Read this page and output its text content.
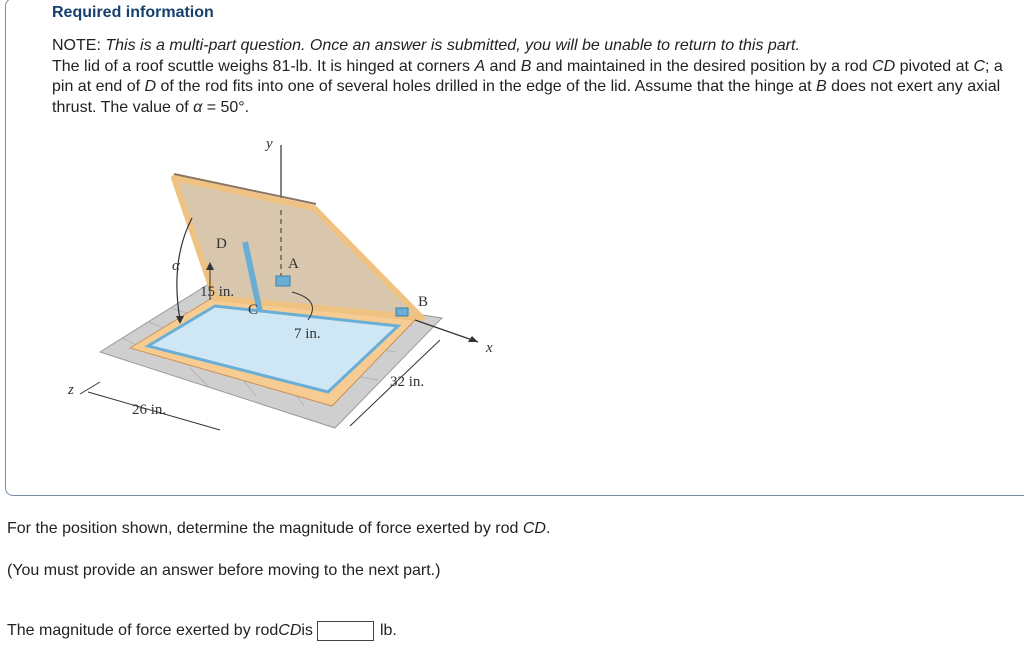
Required information

NOTE: This is a multi-part question. Once an answer is submitted, you will be unable to return to this part.

The lid of a roof scuttle weighs 81-lb. It is hinged at corners A and B and maintained in the desired position by a rod CD pivoted at C; a pin at end of D of the rod fits into one of several holes drilled in the edge of the lid. Assume that the hinge at B does not exert any axial thrust. The value of α = 50°.

y
x
z
D
A
B
C
α
15 in.
7 in.
32 in.
26 in.
For the position shown, determine the magnitude of force exerted by rod CD.
(You must provide an answer before moving to the next part.)
The magnitude of force exerted by rod CD is	lb.
